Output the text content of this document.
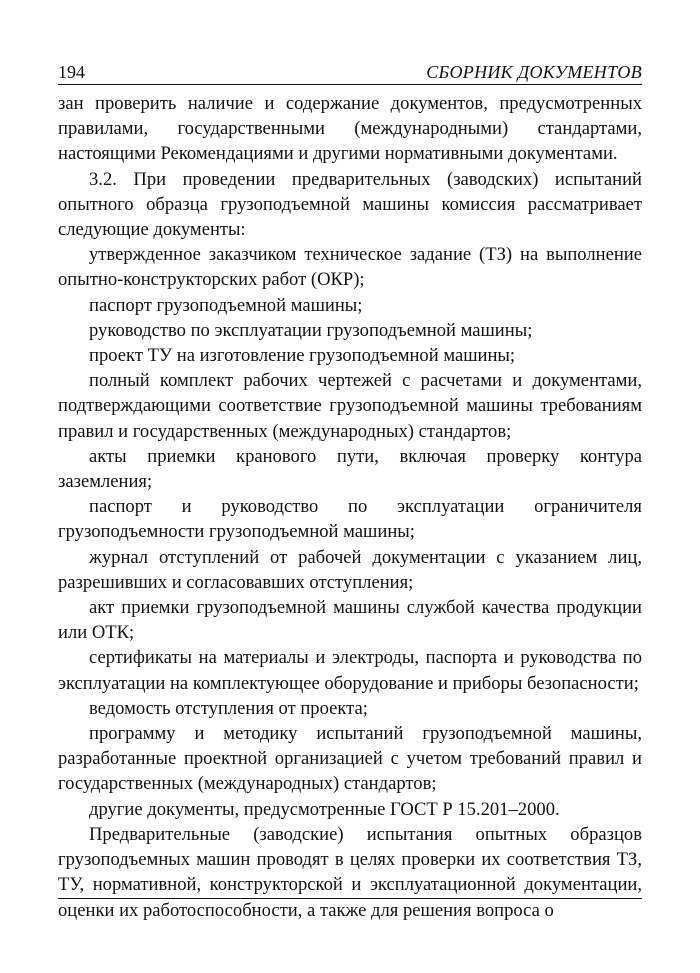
194	СБОРНИК ДОКУМЕНТОВ

зан проверить наличие и содержание документов, предусмотренных правилами, государственными (международными) стандартами, настоящими Рекомендациями и другими нормативными документами.

3.2. При проведении предварительных (заводских) испытаний опытного образца грузоподъемной машины комиссия рассматривает следующие документы:

утвержденное заказчиком техническое задание (ТЗ) на выполнение опытно-конструкторских работ (ОКР);

паспорт грузоподъемной машины;

руководство по эксплуатации грузоподъемной машины;

проект ТУ на изготовление грузоподъемной машины;

полный комплект рабочих чертежей с расчетами и документами, подтверждающими соответствие грузоподъемной машины требованиям правил и государственных (международных) стандартов;

акты приемки кранового пути, включая проверку контура заземления;

паспорт и руководство по эксплуатации ограничителя грузоподъемности грузоподъемной машины;

журнал отступлений от рабочей документации с указанием лиц, разрешивших и согласовавших отступления;

акт приемки грузоподъемной машины службой качества продукции или ОТК;

сертификаты на материалы и электроды, паспорта и руководства по эксплуатации на комплектующее оборудование и приборы безопасности;

ведомость отступления от проекта;

программу и методику испытаний грузоподъемной машины, разработанные проектной организацией с учетом требований правил и государственных (международных) стандартов;

другие документы, предусмотренные ГОСТ Р 15.201–2000.

Предварительные (заводские) испытания опытных образцов грузоподъемных машин проводят в целях проверки их соответствия ТЗ, ТУ, нормативной, конструкторской и эксплуатационной документации, оценки их работоспособности, а также для решения вопроса о
